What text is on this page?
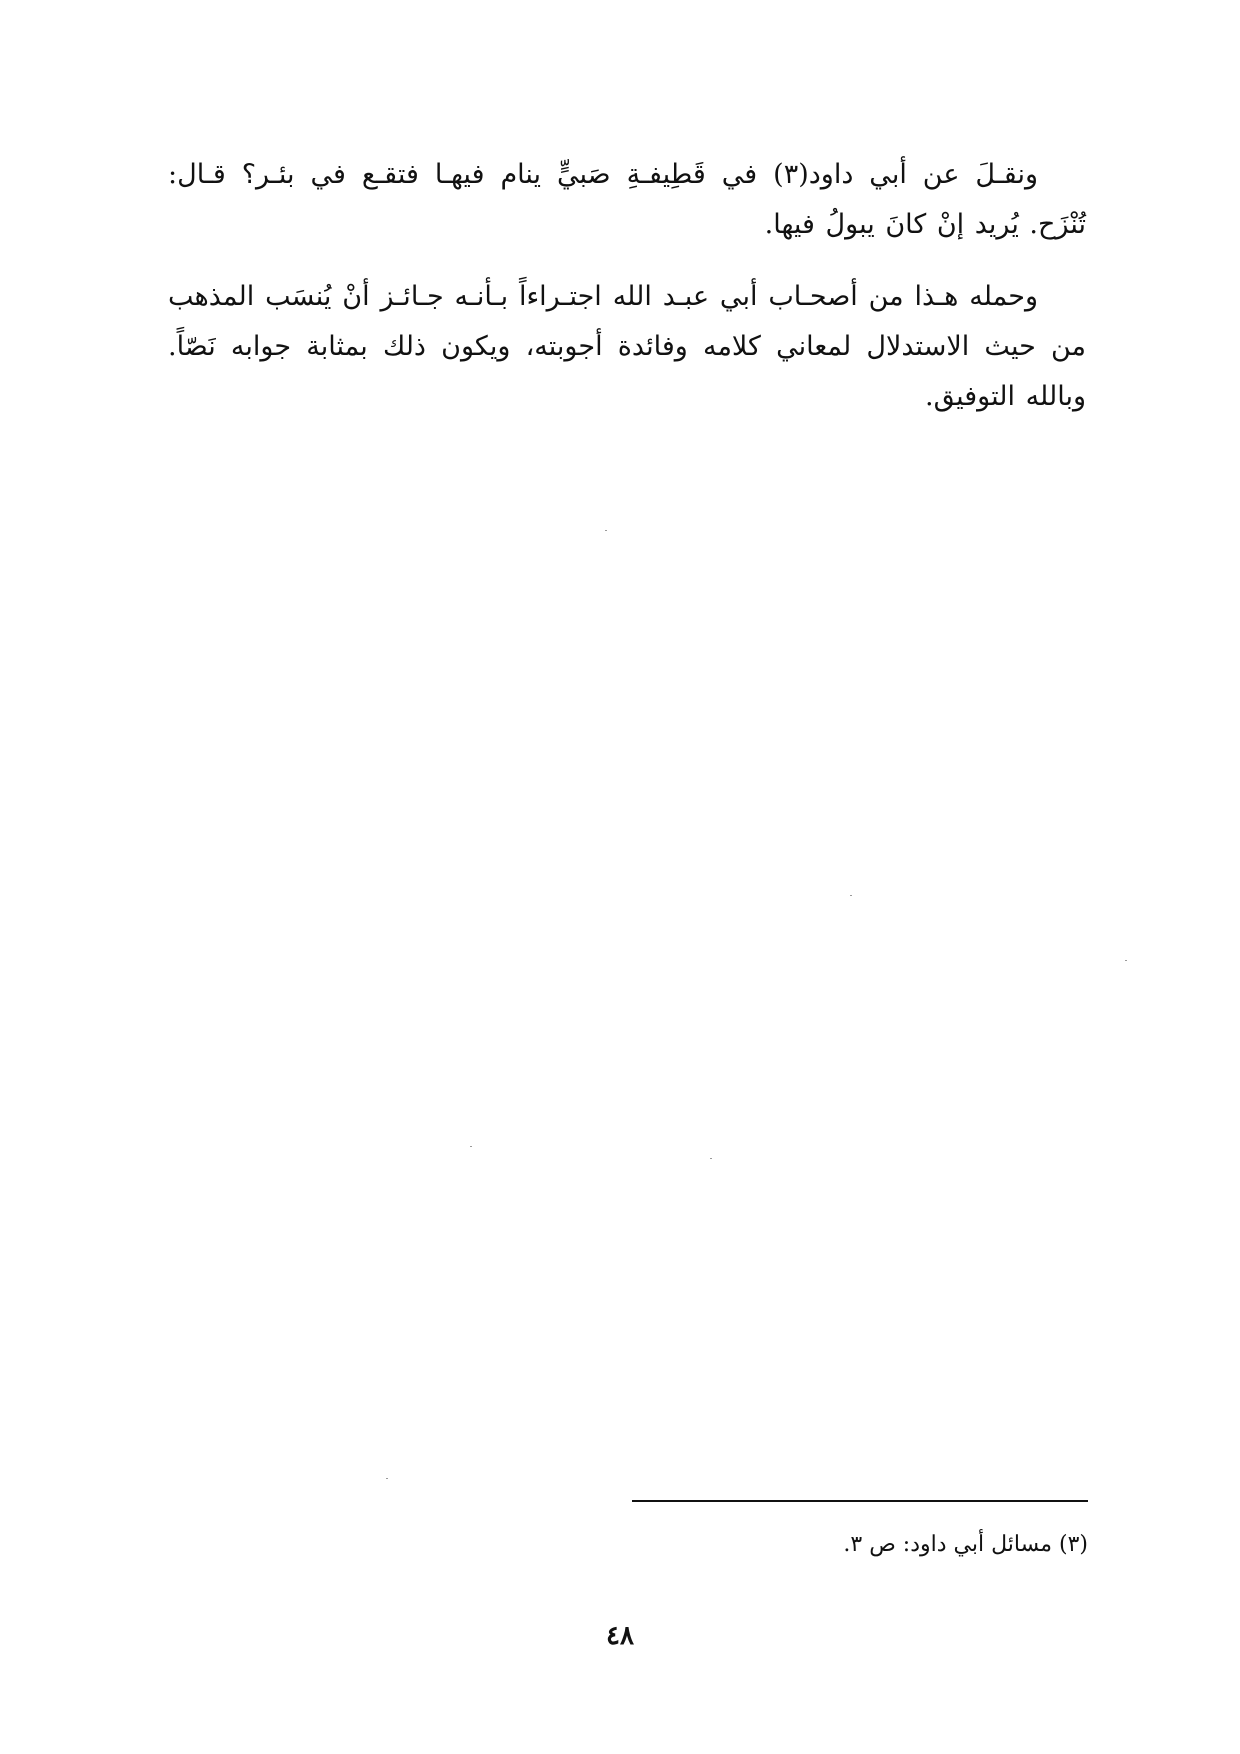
ونقـلَ عن أبي داود(٣) في قَطِيفـةِ صَبيٍّ ينام فيهـا فتقـع في بئـر؟ قـال: تُنْزَح. يُريد إنْ كانَ يبولُ فيها.

وحمله هـذا من أصحـاب أبي عبـد الله اجتـراءاً بـأنـه جـائـز أنْ يُنسَب المذهب من حيث الاستدلال لمعاني كلامه وفائدة أجوبته، ويكون ذلك بمثابة جوابه نَصّاً. وبالله التوفيق.

(٣) مسائل أبي داود: ص ٣.

٤٨
